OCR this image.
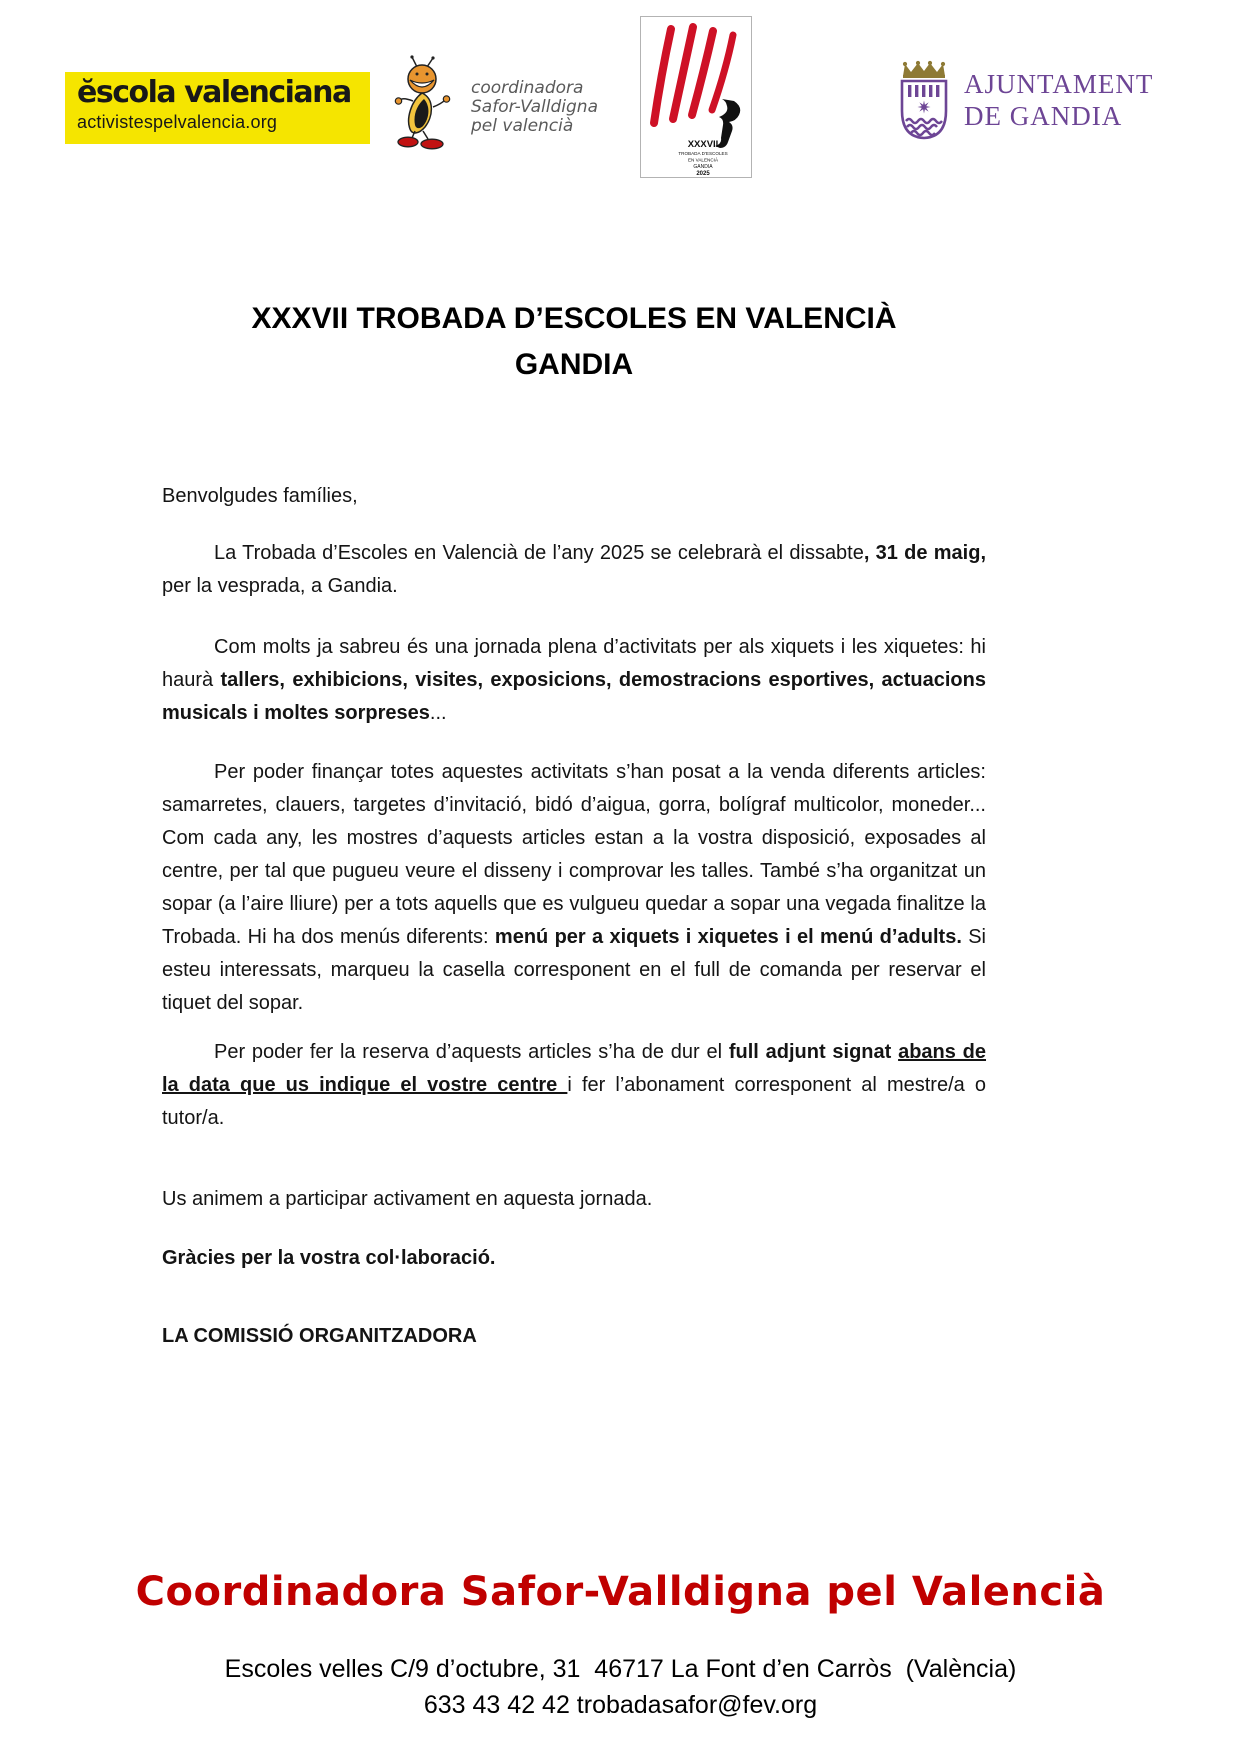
ĕscola valenciana
activistespelvalencia.org
coordinadora
Safor-Valldigna
pel valencià
XXXVII
TROBADA D’ESCOLES
EN VALENCIÀ
GANDIA
2025
AJUNTAMENT
DE GANDIA
XXXVII TROBADA D’ESCOLES EN VALENCIÀ
GANDIA

Benvolgudes famílies,

La Trobada d’Escoles en Valencià de l’any 2025 se celebrarà el dissabte, 31 de maig, per la vesprada, a Gandia.

Com molts ja sabreu és una jornada plena d’activitats per als xiquets i les xiquetes: hi haurà tallers, exhibicions, visites, exposicions, demostracions esportives, actuacions musicals i moltes sorpreses...

Per poder finançar totes aquestes activitats s’han posat a la venda diferents articles: samarretes, clauers, targetes d’invitació, bidó d’aigua, gorra, bolígraf multicolor, moneder... Com cada any, les mostres d’aquests articles estan a la vostra disposició, exposades al centre, per tal que pugueu veure el disseny i comprovar les talles. També s’ha organitzat un sopar (a l’aire lliure) per a tots aquells que es vulgueu quedar a sopar una vegada finalitze la Trobada. Hi ha dos menús diferents: menú per a xiquets i xiquetes i el menú d’adults. Si esteu interessats, marqueu la casella corresponent en el full de comanda per reservar el tiquet del sopar.

Per poder fer la reserva d’aquests articles s’ha de dur el full adjunt signat abans de la data que us indique el vostre centre i fer l’abonament corresponent al mestre/a o tutor/a.

Us animem a participar activament en aquesta jornada.

Gràcies per la vostra col·laboració.

LA COMISSIÓ ORGANITZADORA

Coordinadora Safor-Valldigna pel Valencià
Escoles velles C/9 d’octubre, 31  46717 La Font d’en Carròs  (València)
633 43 42 42 trobadasafor@fev.org
